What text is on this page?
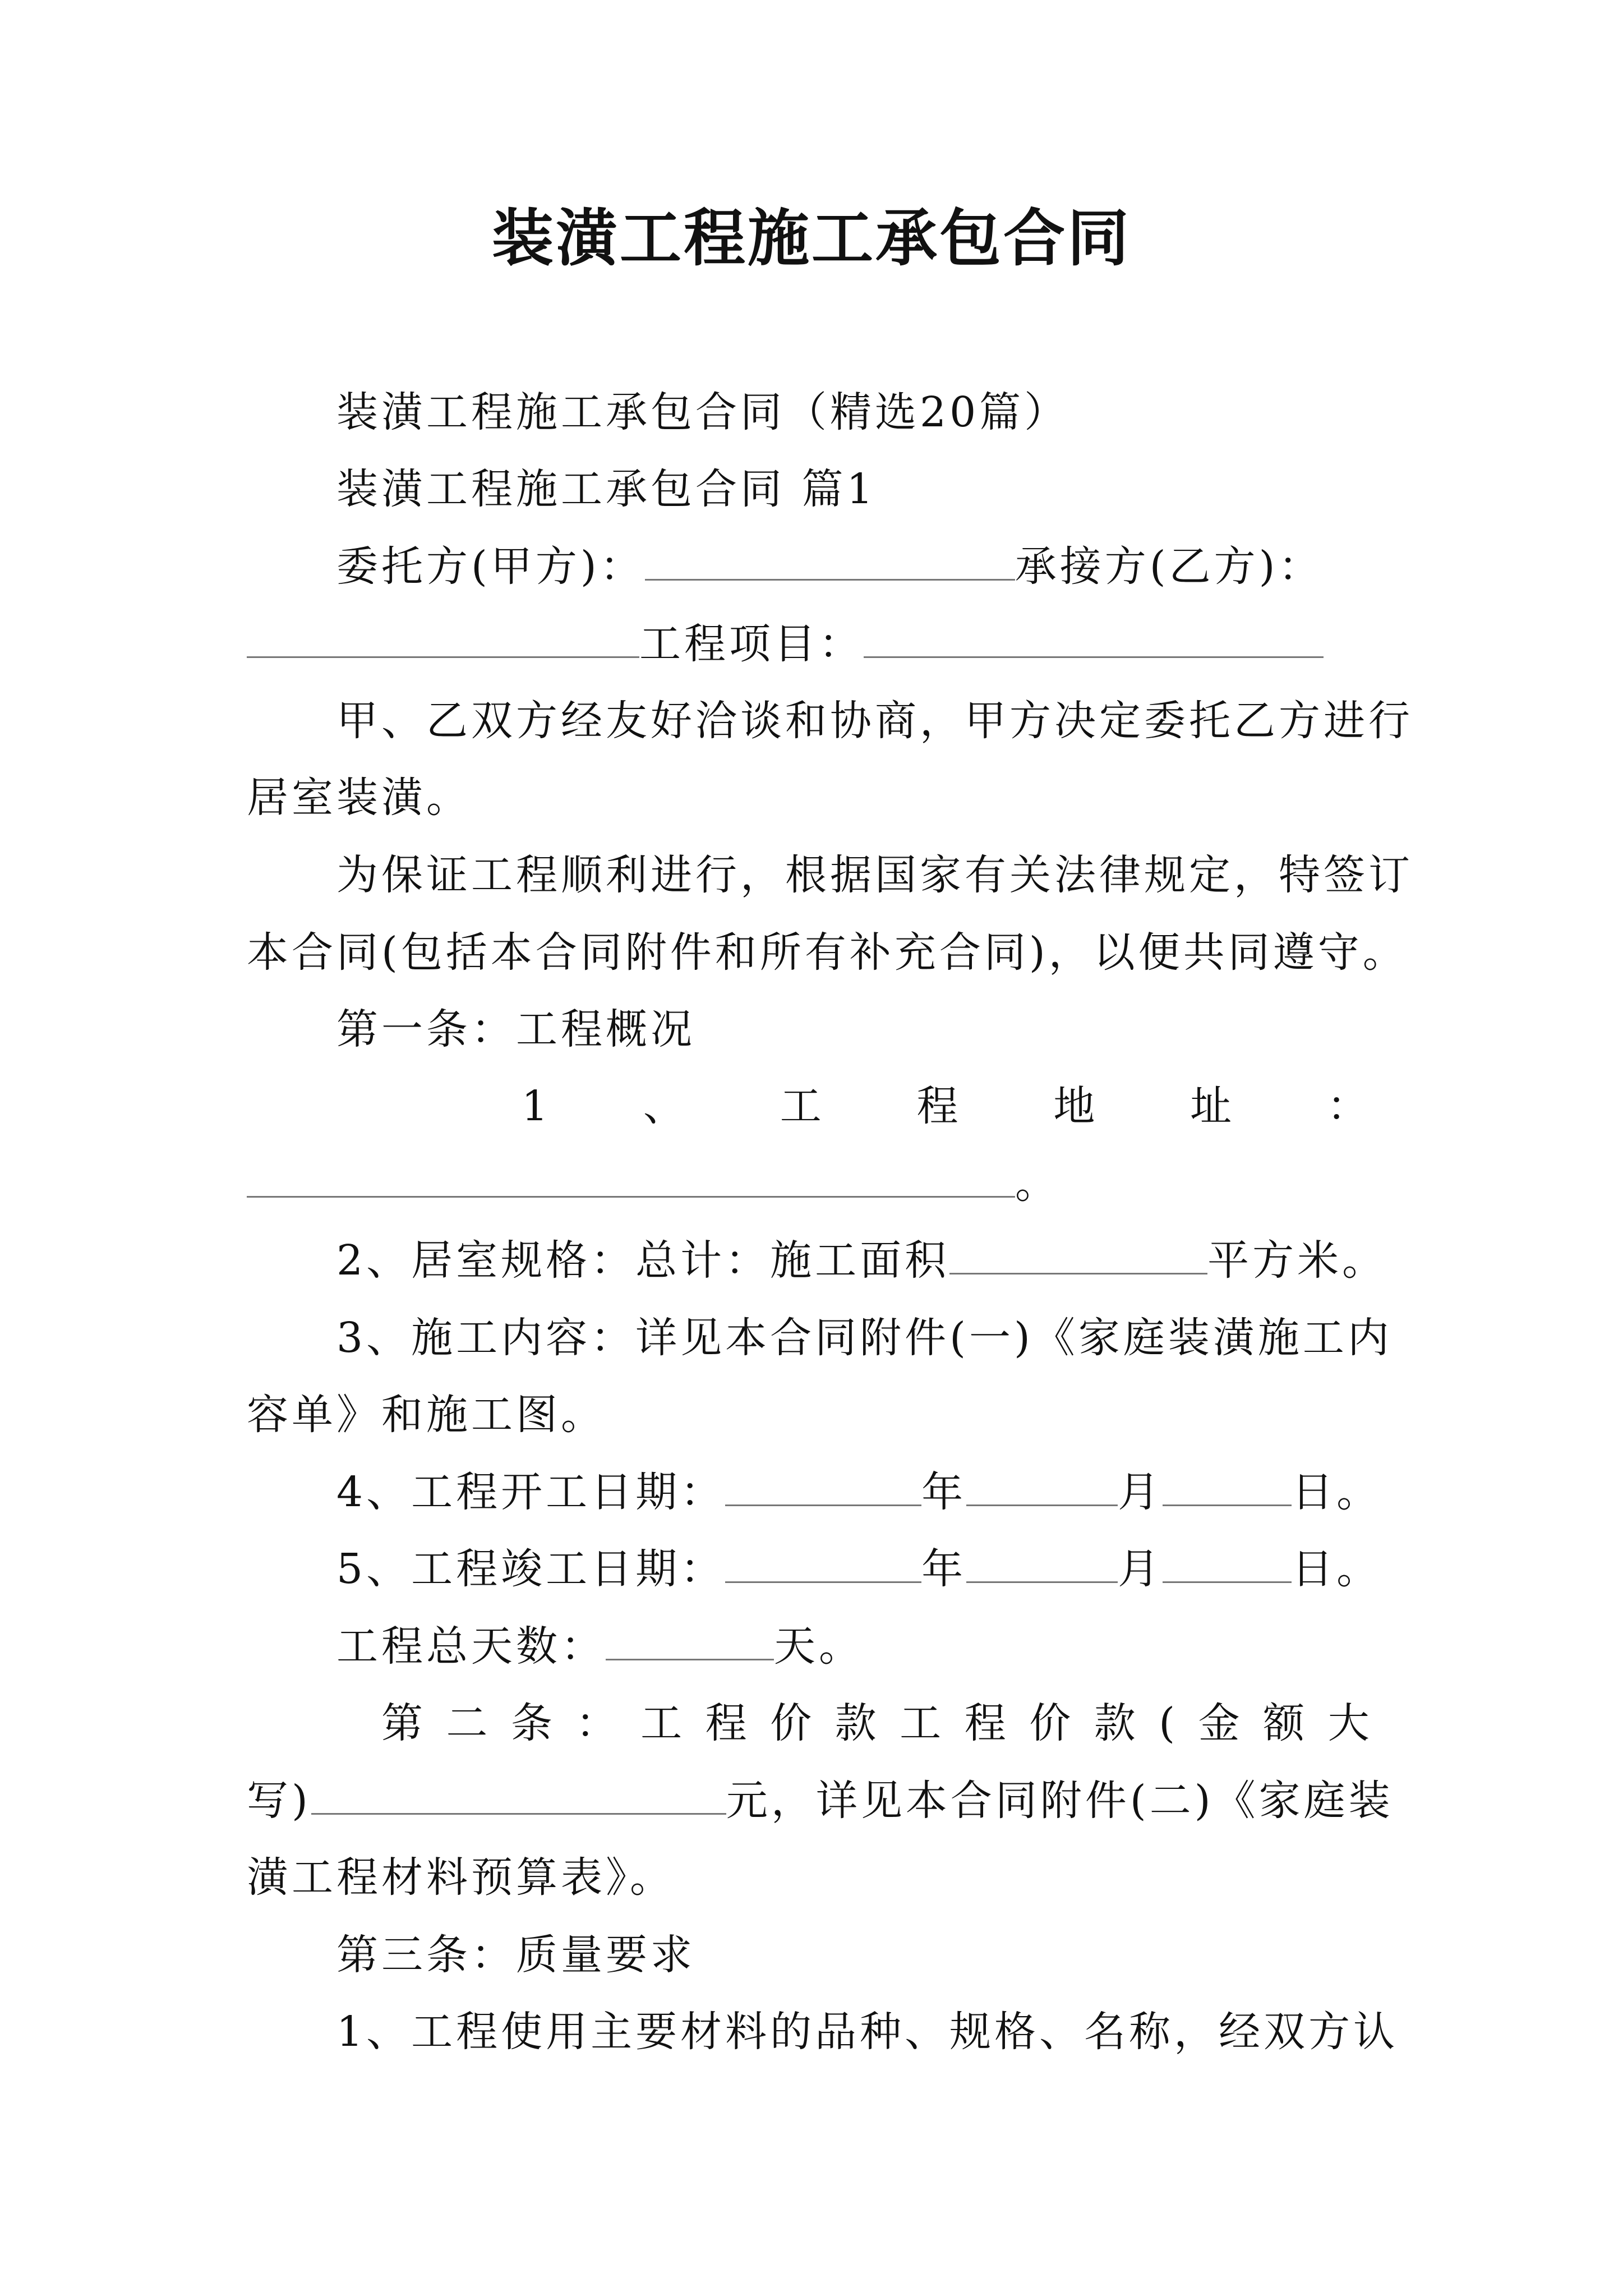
装潢工程施工承包合同
装潢工程施工承包合同（精选20篇）
装潢工程施工承包合同 篇1
委托方(甲方)：	承接方(乙方)：
工程项目：
甲、乙双方经友好洽谈和协商，甲方决定委托乙方进行
居室装潢。
为保证工程顺利进行，根据国家有关法律规定，特签订
本合同(包括本合同附件和所有补充合同)，以便共同遵守。
第一条：工程概况
1 、 工 程 地 址 ：
。
2、居室规格：总计：施工面积	平方米。
3、施工内容：详见本合同附件(一)《家庭装潢施工内
容单》和施工图。
4、工程开工日期：	年	月	日。
5、工程竣工日期：	年	月	日。
工程总天数：	天。
第 二 条 ： 工 程 价 款 工 程 价 款 ( 金 额 大
写)	元，详见本合同附件(二)《家庭装
潢工程材料预算表》。
第三条：质量要求
1、工程使用主要材料的品种、规格、名称，经双方认
